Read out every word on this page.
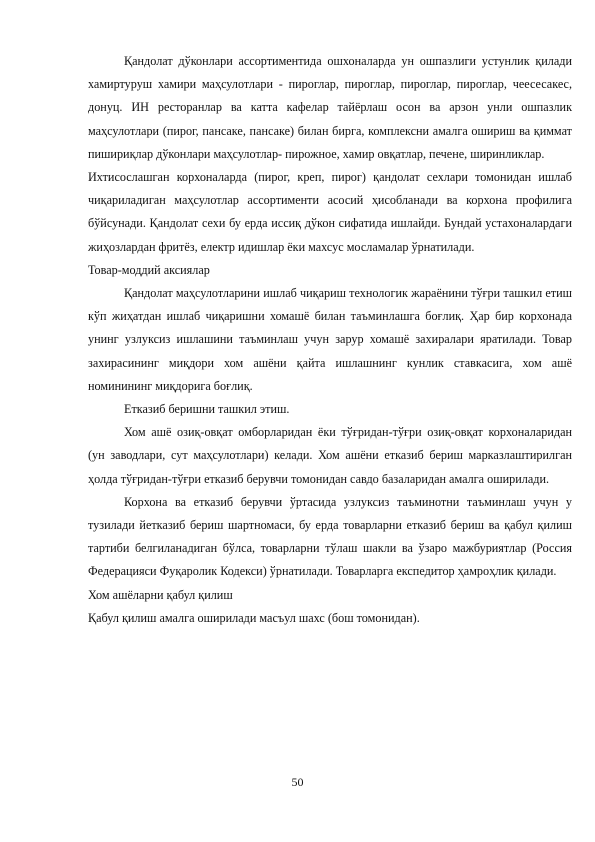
Қандолат дўконлари ассортиментида ошхоналарда ун ошпазлиги устунлик қилади хамиртуруш хамири маҳсулотлари - пироглар, пироглар, пироглар, пироглар, чеесесакес, донуц. ИН ресторанлар ва катта кафелар тайёрлаш осон ва арзон унли ошпазлик маҳсулотлари (пирог, пансаке, пансаке) билан бирга, комплексни амалга ошириш ва қиммат пишириқлар дўконлари маҳсулотлар- пирожное, хамир овқатлар, печене, ширинликлар.

Ихтисослашган корхоналарда (пирог, креп, пирог) қандолат сехлари томонидан ишлаб чиқариладиган маҳсулотлар ассортименти асосий ҳисобланади ва корхона профилига бўйсунади. Қандолат сехи бу ерда иссиқ дўкон сифатида ишлайди. Бундай устахоналардаги жиҳозлардан фритёз, електр идишлар ёки махсус мосламалар ўрнатилади.

Товар-моддий аксиялар

Қандолат маҳсулотларини ишлаб чиқариш технологик жараёнини тўғри ташкил етиш кўп жиҳатдан ишлаб чиқаришни хомашё билан таъминлашга боғлиқ. Ҳар бир корхонада унинг узлуксиз ишлашини таъминлаш учун зарур хомашё захиралари яратилади. Товар захирасининг миқдори хом ашёни қайта ишлашнинг кунлик ставкасига, хом ашё номинининг миқдорига боғлиқ.

Етказиб беришни ташкил этиш.

Хом ашё озиқ-овқат омборларидан ёки тўғридан-тўғри озиқ-овқат корхоналаридан (ун заводлари, сут маҳсулотлари) келади. Хом ашёни етказиб бериш марказлаштирилган ҳолда тўғридан-тўғри етказиб берувчи томонидан савдо базаларидан амалга оширилади.

Корхона ва етказиб берувчи ўртасида узлуксиз таъминотни таъминлаш учун у тузилади йетказиб бериш шартномаси, бу ерда товарларни етказиб бериш ва қабул қилиш тартиби белгиланадиган бўлса, товарларни тўлаш шакли ва ўзаро мажбуриятлар (Россия Федерацияси Фуқаролик Кодекси) ўрнатилади. Товарларга експедитор ҳамроҳлик қилади.

Хом ашёларни қабул қилиш

Қабул қилиш амалга оширилади масъул шахс (бош томонидан).

50
